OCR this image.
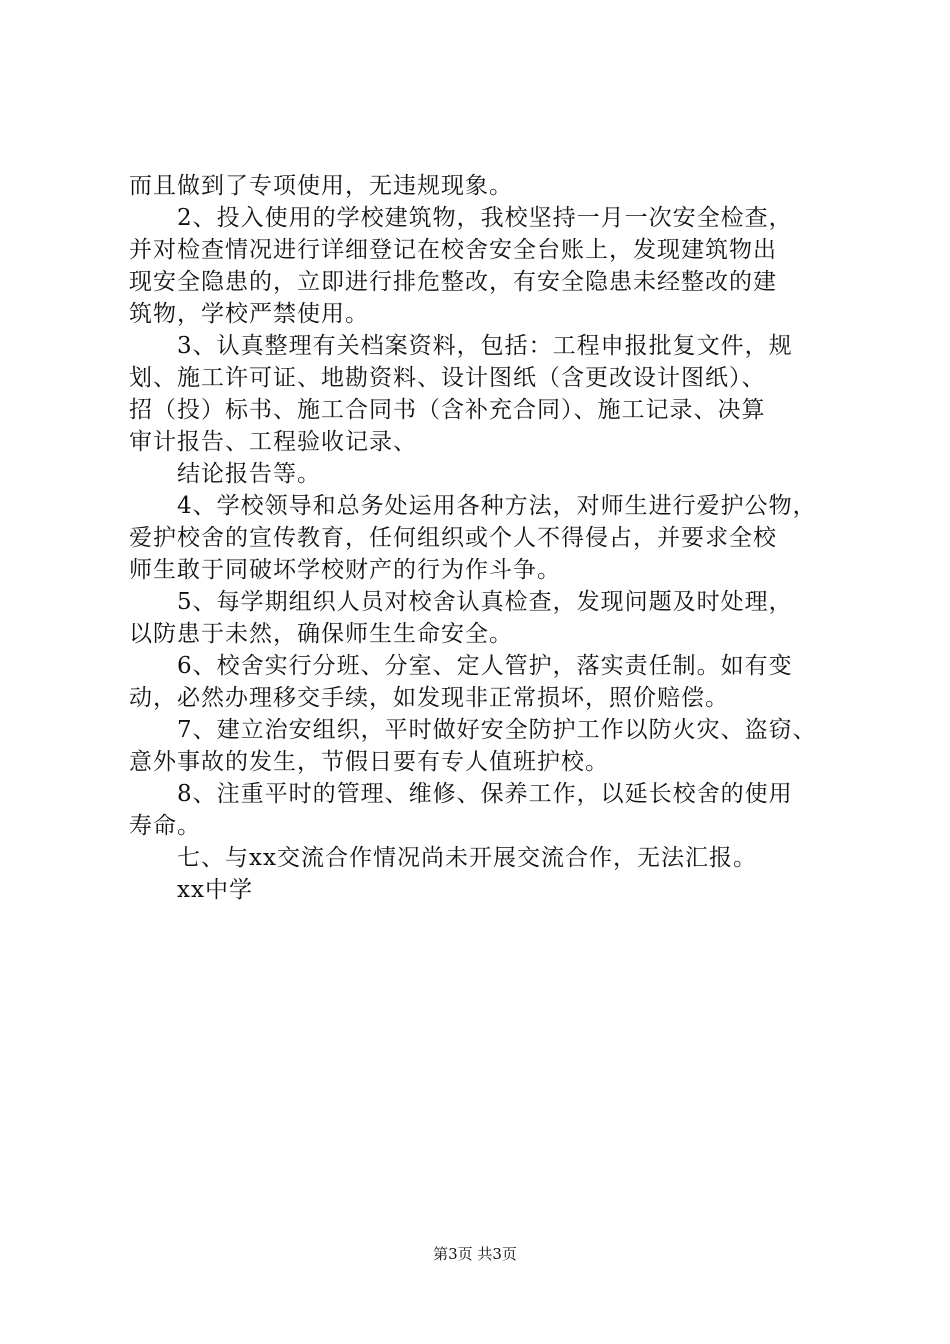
而且做到了专项使用，无违规现象。
2、投入使用的学校建筑物，我校坚持一月一次安全检查，
并对检查情况进行详细登记在校舍安全台账上，发现建筑物出
现安全隐患的，立即进行排危整改，有安全隐患未经整改的建
筑物，学校严禁使用。
3、认真整理有关档案资料，包括：工程申报批复文件，规
划、施工许可证、地勘资料、设计图纸（含更改设计图纸）、
招（投）标书、施工合同书（含补充合同）、施工记录、决算
审计报告、工程验收记录、
结论报告等。
4、学校领导和总务处运用各种方法，对师生进行爱护公物，
爱护校舍的宣传教育，任何组织或个人不得侵占，并要求全校
师生敢于同破坏学校财产的行为作斗争。
5、每学期组织人员对校舍认真检查，发现问题及时处理，
以防患于未然，确保师生生命安全。
6、校舍实行分班、分室、定人管护，落实责任制。如有变
动，必然办理移交手续，如发现非正常损坏，照价赔偿。
7、建立治安组织，平时做好安全防护工作以防火灾、盗窃、
意外事故的发生，节假日要有专人值班护校。
8、注重平时的管理、维修、保养工作，以延长校舍的使用
寿命。
七、与xx交流合作情况尚未开展交流合作，无法汇报。
xx中学
第3页 共3页
